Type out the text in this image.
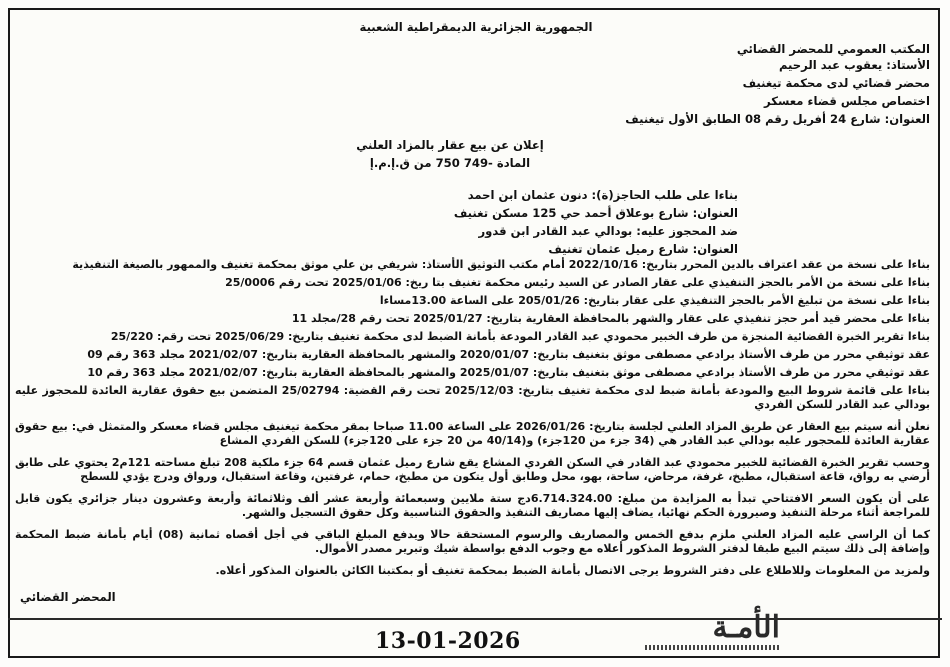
الجمهورية الجزائرية الديمقراطية الشعبية
المكتب العمومي للمحضر القضائي
الأستاذ: يعقوب عبد الرحيم
محضر قضائي لدى محكمة تيغنيف
اختصاص مجلس قضاء معسكر
العنوان: شارع 24 أفريل رقم 08 الطابق الأول تيغنيف
إعلان عن بيع عقار بالمزاد العلني
المادة -749 750 من ق.إ.م.إ
بناءا على طلب الحاجز(ة): دنون عثمان ابن احمد
العنوان: شارع بوعلاق أحمد حي 125 مسكن تغنيف
ضد المحجوز عليه: بودالي عبد القادر ابن قدور
العنوان: شارع رميل عثمان تغنيف
بناءا على نسخة من عقد اعتراف بالدين المحرر بتاريخ: 2022/10/16 أمام مكتب التوثيق الأستاذ: شريفي بن علي موثق بمحكمة تغنيف والممهور بالصيغة التنفيذية
بناءا على نسخة من الأمر بالحجز التنفيذي على عقار الصادر عن السيد رئيس محكمة تغنيف بتا ريخ: 2025/01/06 تحت رقم 25/0006
بناءا على نسخة من تبليغ الأمر بالحجز التنفيذي على عقار بتاريخ: 205/01/26 على الساعة 13.00مساءا
بناءا على محضر قيد أمر حجز تنفيذي على عقار والشهر بالمحافظة العقارية بتاريخ: 2025/01/27 تحت رقم 28/مجلد 11
بناءا تقرير الخبرة القضائية المنجزة من طرف الخبير محمودي عبد القادر المودعة بأمانة الضبط لدى محكمة تغنيف بتاريخ: 2025/06/29 تحت رقم: 25/220
عقد توثيقي محرر من طرف الأستاذ برادعي مصطفى موثق بتغنيف بتاريخ: 2020/01/07 والمشهر بالمحافظة العقارية بتاريخ: 2021/02/07 مجلد 363 رقم 09
عقد توثيقي محرر من طرف الأستاذ برادعي مصطفى موثق بتغنيف بتاريخ: 2025/01/07 والمشهر بالمحافظة العقارية بتاريخ: 2021/02/07 مجلد 363 رقم 10
بناءا على قائمة شروط البيع والمودعة بأمانة ضبط لدى محكمة تغنيف بتاريخ: 2025/12/03 تحت رقم القضية: 25/02794 المتضمن بيع حقوق عقارية العائدة للمحجوز عليه بودالي عبد القادر للسكن الفردي
نعلن أنه سيتم بيع العقار عن طريق المزاد العلني لجلسة بتاريخ: 2026/01/26 على الساعة 11.00 صباحا بمقر محكمة تيغنيف مجلس قضاء معسكر والمتمثل في: بيع حقوق عقارية العائدة للمحجور عليه بودالي عبد القادر هي (34 جزء من 120جزء) و(40/14 من 20 جزء على 120جزء) للسكن الفردي المشاع
وحسب تقرير الخبرة القضائية للخبير محمودي عبد القادر في السكن الفردي المشاع يقع شارع رميل عثمان قسم 64 جزء ملكية 208 تبلغ مساحته 121م2 يحتوي على طابق أرضي به رواق، قاعة استقبال، مطبخ، غرفة، مرحاض، ساحة، بهو، محل وطابق أول يتكون من مطبخ، حمام، غرفتين، وقاعة استقبال، ورواق ودرج يؤدي للسطح
على أن يكون السعر الافتتاحي تبدأ به المزايدة من مبلغ: 6.714.324.00دج ستة ملايين وسبعمائة وأربعة عشر ألف وثلاثمائة وأربعة وعشرون دينار جزائري يكون قابل للمراجعة أثناء مرحلة التنفيذ وصيرورة الحكم نهائيا، يضاف إليها مصاريف التنفيذ والحقوق التناسبية وكل حقوق التسجيل والشهر.
كما أن الراسي عليه المزاد العلني ملزم بدفع الخمس والمصاريف والرسوم المستحقة حالا ويدفع المبلغ الباقي في أجل أقصاه ثمانية (08) أيام بأمانة ضبط المحكمة وإضافة إلى ذلك سيتم البيع طبقا لدفتر الشروط المذكور أعلاه مع وجوب الدفع بواسطة شيك وتبرير مصدر الأموال.
ولمزيد من المعلومات وللاطلاع على دفتر الشروط يرجى الاتصال بأمانة الضبط بمحكمة تغنيف أو بمكتبنا الكائن بالعنوان المذكور أعلاه.
المحضر القضائي
13-01-2026	الأمـة
